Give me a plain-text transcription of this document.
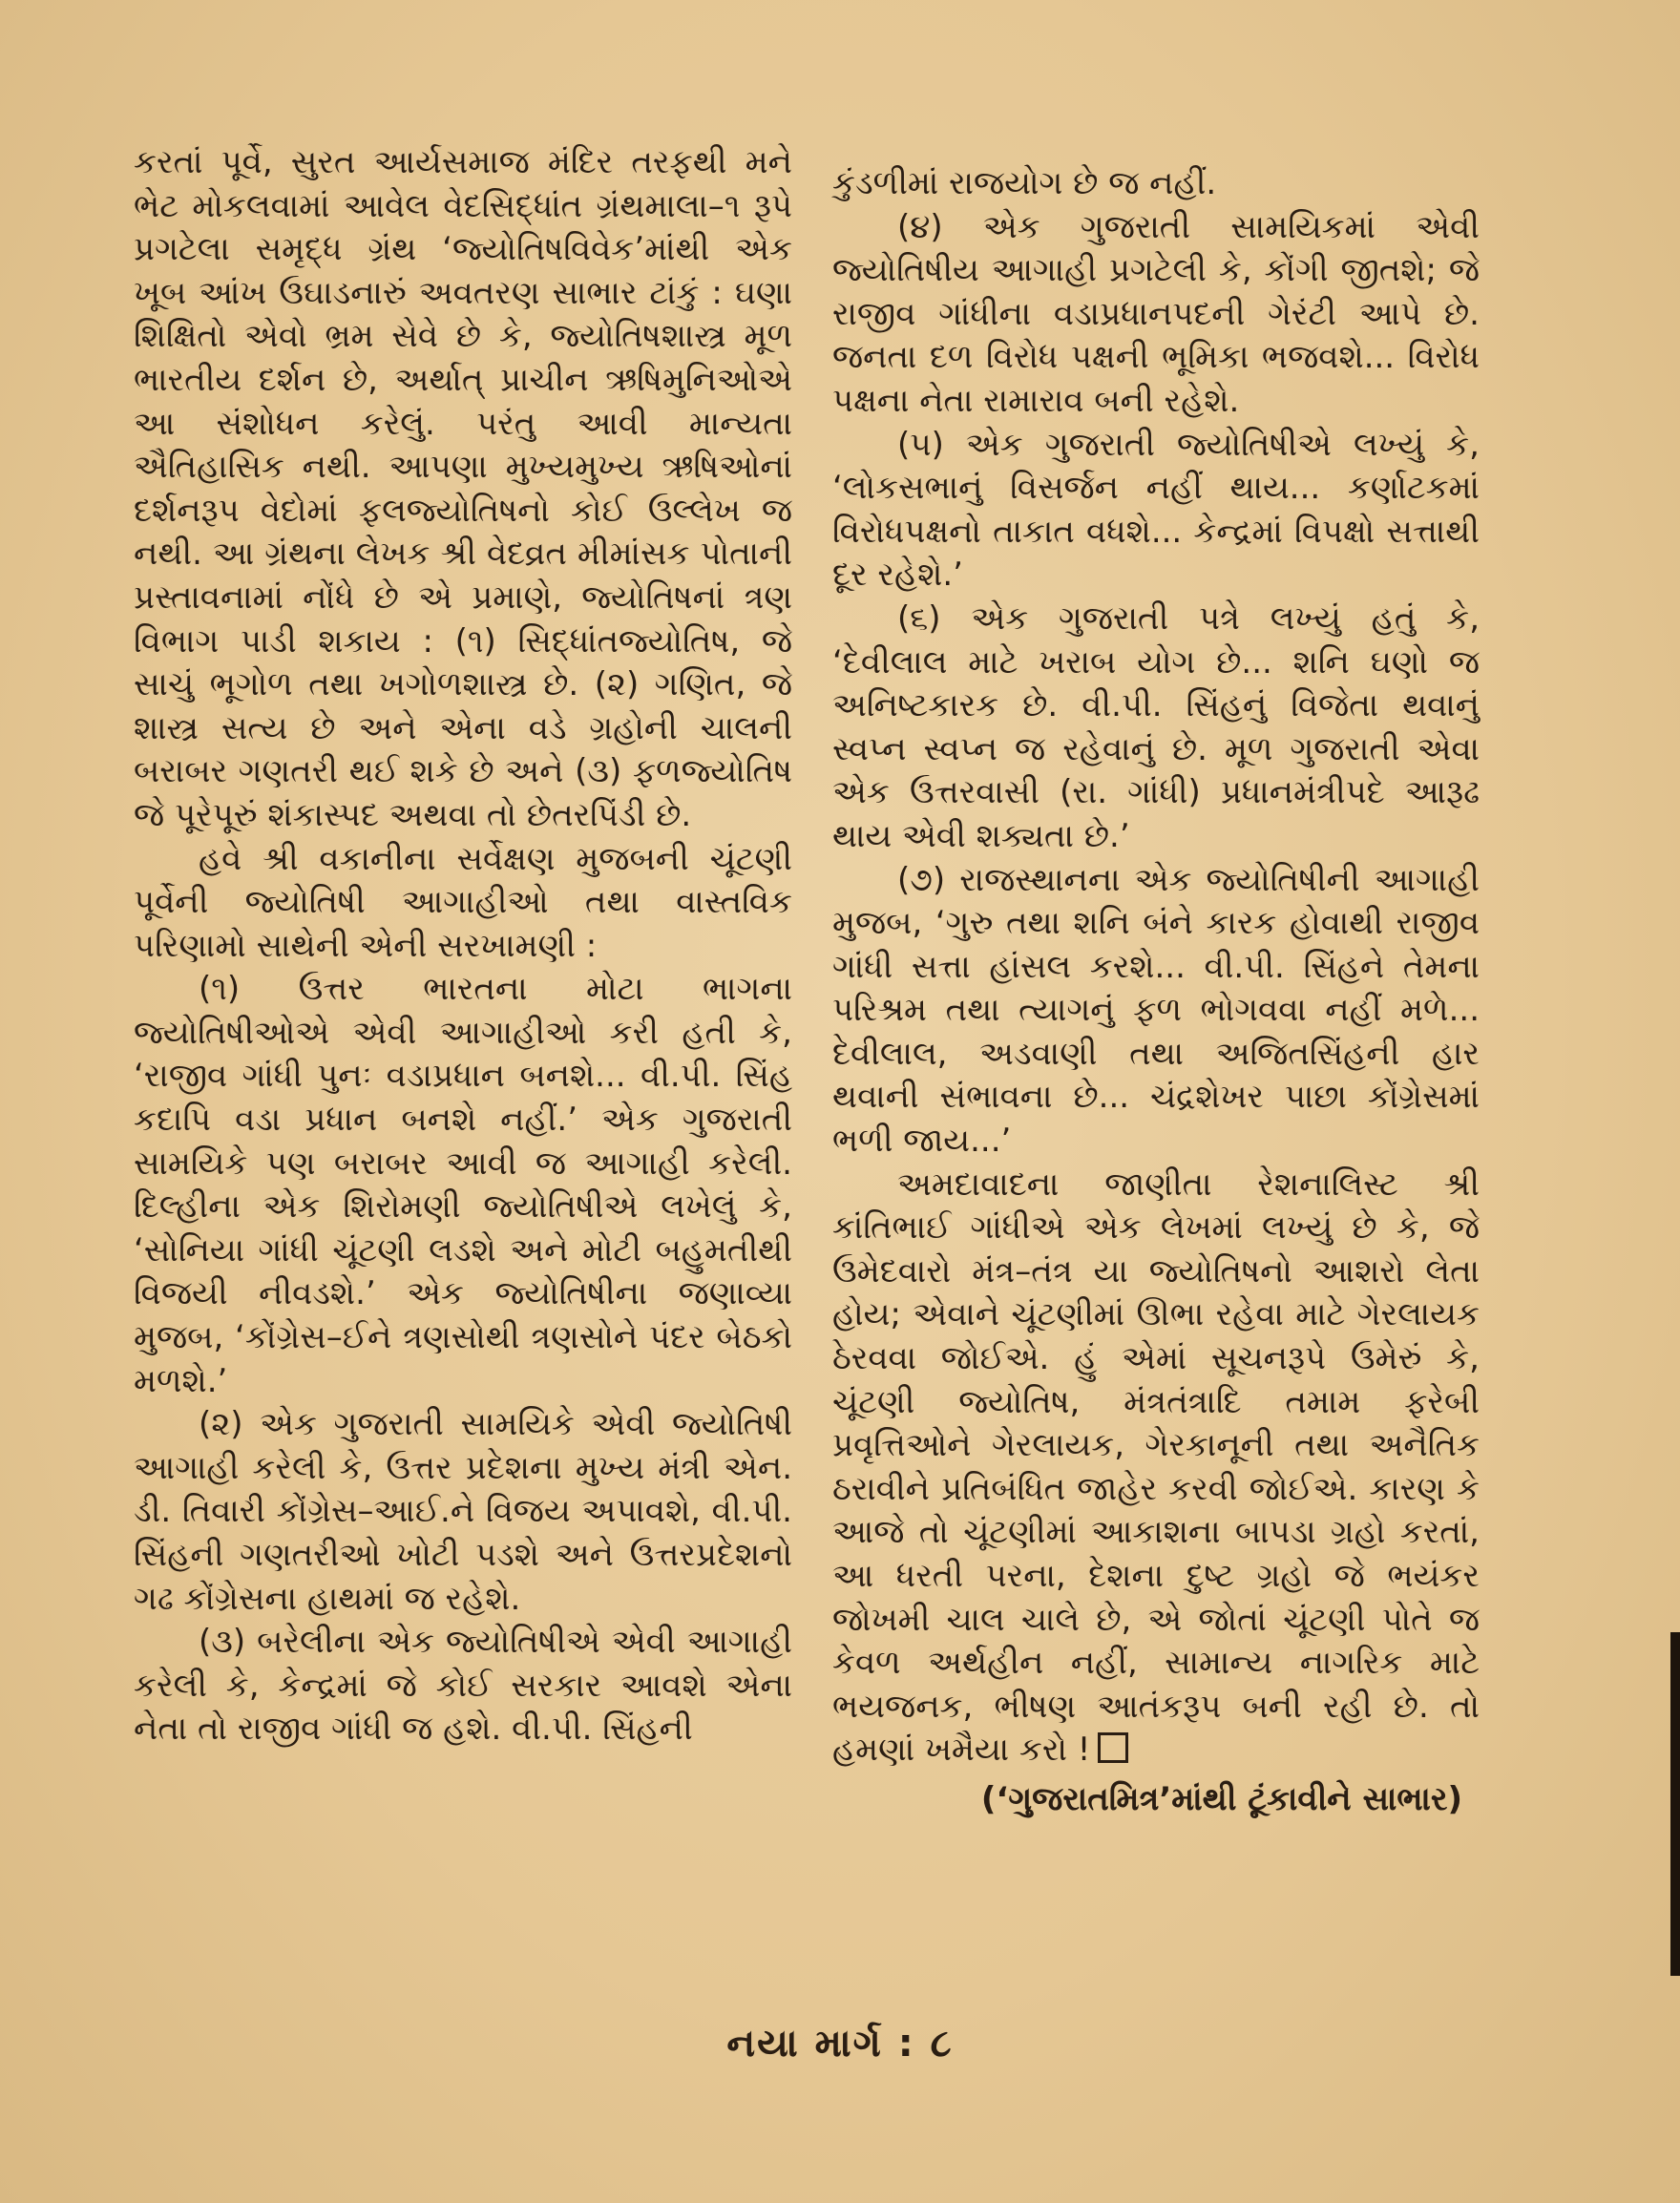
કરતાં પૂર્વે, સુરત આર્યસમાજ મંદિર તરફથી મને ભેટ મોકલવામાં આવેલ વેદસિદ્ધાંત ગ્રંથમાલા–૧ રૂપે પ્રગટેલા સમૃદ્ધ ગ્રંથ ‘જ્યોતિષવિવેક’માંથી એક ખૂબ આંખ ઉઘાડનારું અવતરણ સાભાર ટાંકું : ઘણા શિક્ષિતો એવો ભ્રમ સેવે છે કે, જ્યોતિષશાસ્ત્ર મૂળ ભારતીય દર્શન છે, અર્થાત્ પ્રાચીન ઋષિમુનિઓએ આ સંશોધન કરેલું. પરંતુ આવી માન્યતા ઐતિહાસિક નથી. આપણા મુખ્યમુખ્ય ઋષિઓનાં દર્શનરૂપ વેદોમાં ફલજ્યોતિષનો કોઈ ઉલ્લેખ જ નથી. આ ગ્રંથના લેખક શ્રી વેદવ્રત મીમાંસક પોતાની પ્રસ્તાવનામાં નોંધે છે એ પ્રમાણે, જ્યોતિષનાં ત્રણ વિભાગ પાડી શકાય : (૧) સિદ્ધાંતજ્યોતિષ, જે સાચું ભૂગોળ તથા ખગોળશાસ્ત્ર છે. (૨) ગણિત, જે શાસ્ત્ર સત્ય છે અને એના વડે ગ્રહોની ચાલની બરાબર ગણતરી થઈ શકે છે અને (૩) ફળજ્યોતિષ જે પૂરેપૂરું શંકાસ્પદ અથવા તો છેતરપિંડી છે.

હવે શ્રી વકાનીના સર્વેક્ષણ મુજબની ચૂંટણી પૂર્વેની જ્યોતિષી આગાહીઓ તથા વાસ્તવિક પરિણામો સાથેની એની સરખામણી :

(૧) ઉત્તર ભારતના મોટા ભાગના જ્યોતિષીઓએ એવી આગાહીઓ કરી હતી કે, ‘રાજીવ ગાંધી પુનઃ વડાપ્રધાન બનશે... વી.પી. સિંહ કદાપિ વડા પ્રધાન બનશે નહીં.’ એક ગુજરાતી સામયિકે પણ બરાબર આવી જ આગાહી કરેલી. દિલ્હીના એક શિરોમણી જ્યોતિષીએ લખેલું કે, ‘સોનિયા ગાંધી ચૂંટણી લડશે અને મોટી બહુમતીથી વિજયી નીવડશે.’ એક જ્યોતિષીના જણાવ્યા મુજબ, ‘કોંગ્રેસ–ઈને ત્રણસોથી ત્રણસોને પંદર બેઠકો મળશે.’

(૨) એક ગુજરાતી સામયિકે એવી જ્યોતિષી આગાહી કરેલી કે, ઉત્તર પ્રદેશના મુખ્ય મંત્રી એન. ડી. તિવારી કોંગ્રેસ–આઈ.ને વિજય અપાવશે, વી.પી. સિંહની ગણતરીઓ ખોટી પડશે અને ઉત્તરપ્રદેશનો ગઢ કોંગ્રેસના હાથમાં જ રહેશે.

(૩) બરેલીના એક જ્યોતિષીએ એવી આગાહી કરેલી કે, કેન્દ્રમાં જે કોઈ સરકાર આવશે એના નેતા તો રાજીવ ગાંધી જ હશે. વી.પી. સિંહની

કુંડળીમાં રાજયોગ છે જ નહીં.

(૪) એક ગુજરાતી સામયિકમાં એવી જ્યોતિષીય આગાહી પ્રગટેલી કે, કોંગી જીતશે; જે રાજીવ ગાંધીના વડાપ્રધાનપદની ગેરંટી આપે છે. જનતા દળ વિરોધ પક્ષની ભૂમિકા ભજવશે... વિરોધ પક્ષના નેતા રામારાવ બની રહેશે.

(૫) એક ગુજરાતી જ્યોતિષીએ લખ્યું કે, ‘લોકસભાનું વિસર્જન નહીં થાય... કર્ણાટકમાં વિરોધપક્ષનો તાકાત વધશે... કેન્દ્રમાં વિપક્ષો સત્તાથી દૂર રહેશે.’

(૬) એક ગુજરાતી પત્રે લખ્યું હતું કે, ‘દેવીલાલ માટે ખરાબ યોગ છે... શનિ ઘણો જ અનિષ્ટકારક છે. વી.પી. સિંહનું વિજેતા થવાનું સ્વપ્ન સ્વપ્ન જ રહેવાનું છે. મૂળ ગુજરાતી એવા એક ઉત્તરવાસી (રા. ગાંધી) પ્રધાનમંત્રીપદે આરૂઢ થાય એવી શક્યતા છે.’

(૭) રાજસ્થાનના એક જ્યોતિષીની આગાહી મુજબ, ‘ગુરુ તથા શનિ બંને કારક હોવાથી રાજીવ ગાંધી સત્તા હાંસલ કરશે... વી.પી. સિંહને તેમના પરિશ્રમ તથા ત્યાગનું ફળ ભોગવવા નહીં મળે... દેવીલાલ, અડવાણી તથા અજિતસિંહની હાર થવાની સંભાવના છે... ચંદ્રશેખર પાછા કોંગ્રેસમાં ભળી જાય...’

અમદાવાદના જાણીતા રેશનાલિસ્ટ શ્રી કાંતિભાઈ ગાંધીએ એક લેખમાં લખ્યું છે કે, જે ઉમેદવારો મંત્ર–તંત્ર યા જ્યોતિષનો આશરો લેતા હોય; એવાને ચૂંટણીમાં ઊભા રહેવા માટે ગેરલાયક ઠેરવવા જોઈએ. હું એમાં સૂચનરૂપે ઉમેરું કે, ચૂંટણી જ્યોતિષ, મંત્રતંત્રાદિ તમામ ફરેબી પ્રવૃત્તિઓને ગેરલાયક, ગેરકાનૂની તથા અનૈતિક ઠરાવીને પ્રતિબંધિત જાહેર કરવી જોઈએ. કારણ કે આજે તો ચૂંટણીમાં આકાશના બાપડા ગ્રહો કરતાં, આ ધરતી પરના, દેશના દુષ્ટ ગ્રહો જે ભયંકર જોખમી ચાલ ચાલે છે, એ જોતાં ચૂંટણી પોતે જ કેવળ અર્થહીન નહીં, સામાન્ય નાગરિક માટે ભયજનક, ભીષણ આતંકરૂપ બની રહી છે. તો હમણાં ખમૈયા કરો !

(‘ગુજરાતમિત્ર’માંથી ટૂંકાવીને સાભાર)

નયા માર્ગ : ૮
